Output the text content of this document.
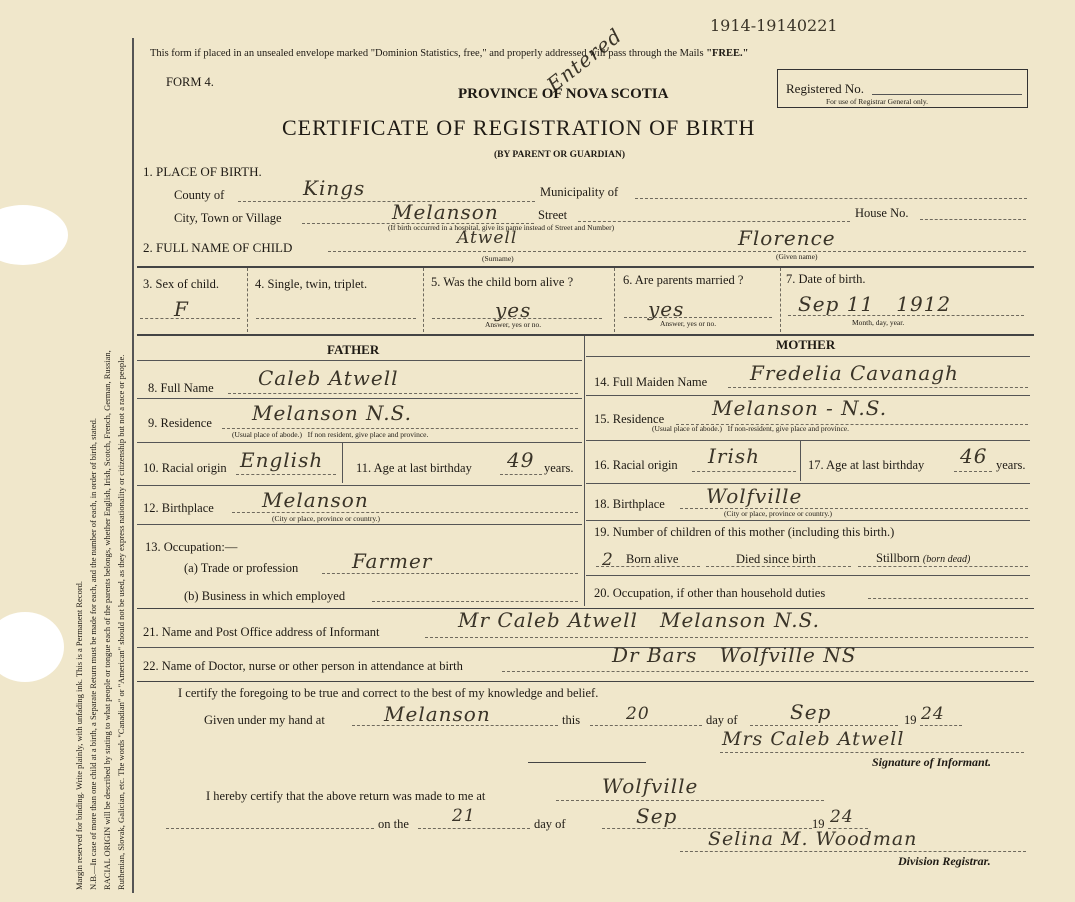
Margin reserved for binding. Write plainly, with unfading ink. This is a Permanent Record. N.B.—In case of more than one child at a birth, a Separate Return must be made for each, and the number of each, in order of birth, stated. RACIAL ORIGIN will be described by stating to what people or tongue each of the parents belongs, whether English, Irish, Scotch, French, German, Russian, Ruthenian, Slovak, Galician, etc. The words "Canadian" or "American" should not be used, as they express nationality or citizenship but not a race or people.
1914-19140221
Entered
This form if placed in an unsealed envelope marked "Dominion Statistics, free," and properly addressed will pass through the Mails "FREE."
FORM 4.
PROVINCE OF NOVA SCOTIA	Registered No.
For use of Registrar General only.
CERTIFICATE OF REGISTRATION OF BIRTH
(BY PARENT OR GUARDIAN)
1. PLACE OF BIRTH.
County of	Kings	Municipality of
City, Town or Village	Melanson	Street	House No.
(If birth occurred in a hospital, give its name instead of Street and Number)
2. FULL NAME OF CHILD	Atwell	Florence
(Surname)	(Given name)
3. Sex of child.
F
4. Single, twin, triplet.	5. Was the child born alive ?
yes
Answer, yes or no.
6. Are parents married ?
yes
Answer, yes or no.
7. Date of birth.
Sep 11   1912
Month, day, year.
FATHER	MOTHER
8. Full Name Caleb Atwell
9. Residence Melanson N.S.
(Usual place of abode.)   If non resident, give place and province.
10. Racial origin English	11. Age at last birthday 49 years.
12. Birthplace Melanson
(City or place, province or country.)
13. Occupation:—
(a) Trade or profession	Farmer
(b) Business in which employed
14. Full Maiden Name Fredelia Cavanagh
15. Residence Melanson - N.S.
(Usual place of abode.)   If non-resident, give place and province.
16. Racial origin Irish	17. Age at last birthday 46 years.
18. Birthplace Wolfville
(City or place, province or country.)
19. Number of children of this mother (including this birth.)
2 Born alive	Died since birth	Stillborn (born dead)
20. Occupation, if other than household duties
21. Name and Post Office address of Informant	Mr Caleb Atwell   Melanson N.S.
22. Name of Doctor, nurse or other person in attendance at birth	Dr Bars   Wolfville NS
I certify the foregoing to be true and correct to the best of my knowledge and belief.
Given under my hand at	Melanson	this	20	day of	Sep	19 24
Mrs Caleb Atwell
Signature of Informant.
I hereby certify that the above return was made to me at	Wolfville
on the	21	day of	Sep	19 24
Selina M. Woodman
Division Registrar.
